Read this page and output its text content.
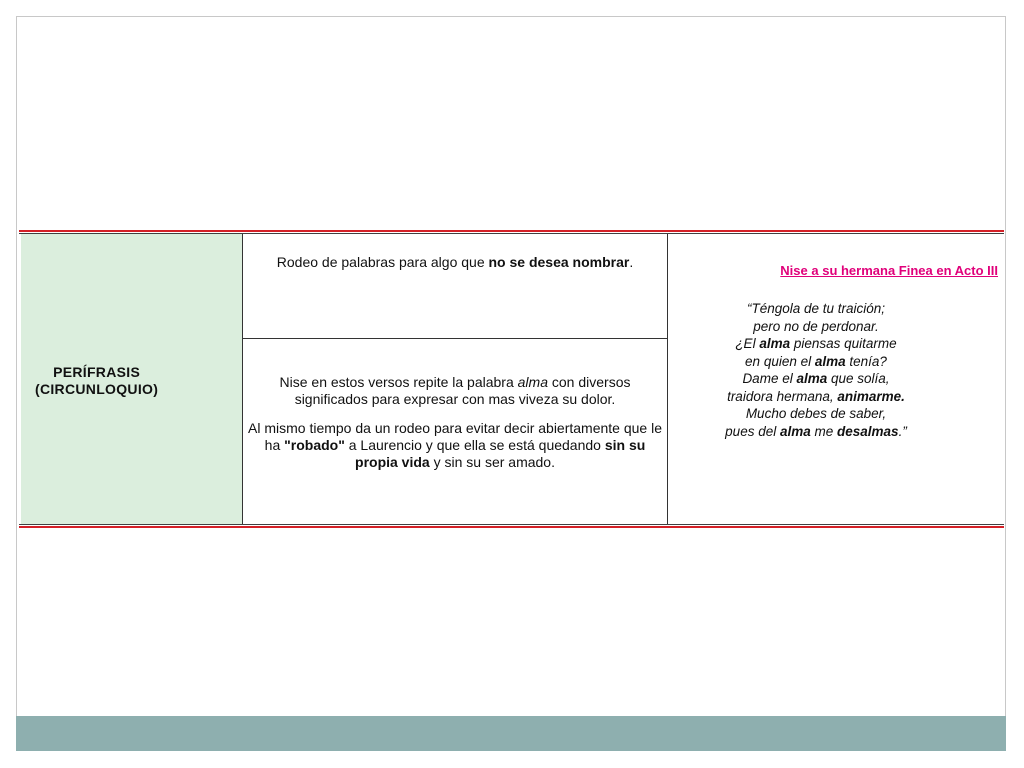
PERÍFRASIS
(CIRCUNLOQUIO)
Rodeo de palabras para algo que no se desea nombrar.

Nise en estos versos repite la palabra alma con diversos significados para expresar con mas viveza su dolor.

Al mismo tiempo da un rodeo para evitar decir abiertamente que le ha "robado" a Laurencio y que ella se está quedando sin su propia vida y sin su ser amado.

Nise a su hermana Finea en Acto III
“Téngola de tu traición;
pero no de perdonar.
¿El alma piensas quitarme
en quien el alma tenía?
Dame el alma que solía,
traidora hermana, animarme.
Mucho debes de saber,
pues del alma me desalmas.”
